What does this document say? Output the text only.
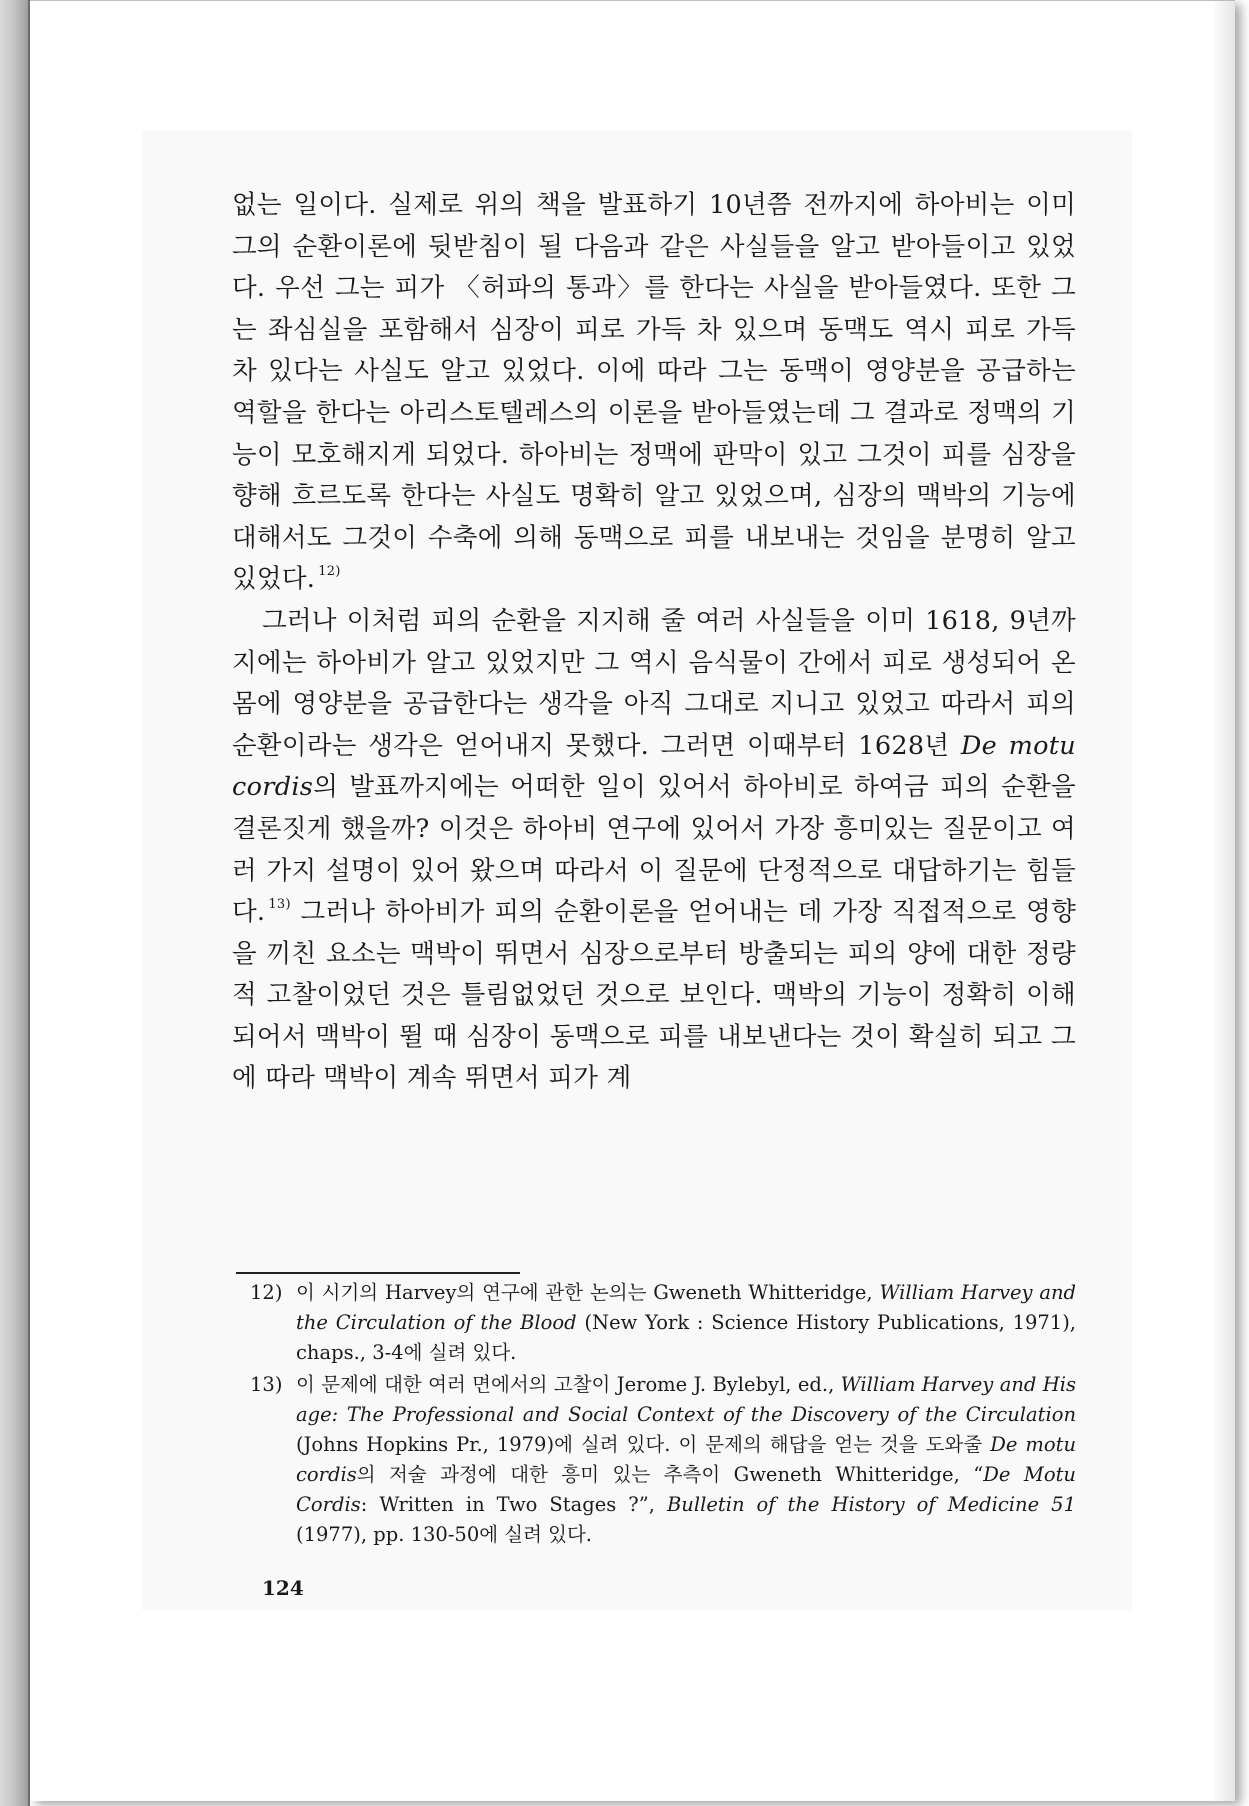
없는 일이다. 실제로 위의 책을 발표하기 10년쯤 전까지에 하아비는 이미 그의 순환이론에 뒷받침이 될 다음과 같은 사실들을 알고 받아들이고 있었다. 우선 그는 피가 〈허파의 통과〉를 한다는 사실을 받아들였다. 또한 그는 좌심실을 포함해서 심장이 피로 가득 차 있으며 동맥도 역시 피로 가득 차 있다는 사실도 알고 있었다. 이에 따라 그는 동맥이 영양분을 공급하는 역할을 한다는 아리스토텔레스의 이론을 받아들였는데 그 결과로 정맥의 기능이 모호해지게 되었다. 하아비는 정맥에 판막이 있고 그것이 피를 심장을 향해 흐르도록 한다는 사실도 명확히 알고 있었으며, 심장의 맥박의 기능에 대해서도 그것이 수축에 의해 동맥으로 피를 내보내는 것임을 분명히 알고 있었다. $^{12)}$

그러나 이처럼 피의 순환을 지지해 줄 여러 사실들을 이미 1618, 9년까지에는 하아비가 알고 있었지만 그 역시 음식물이 간에서 피로 생성되어 온몸에 영양분을 공급한다는 생각을 아직 그대로 지니고 있었고 따라서 피의 순환이라는 생각은 얻어내지 못했다. 그러면 이때부터 1628년 De motu cordis의 발표까지에는 어떠한 일이 있어서 하아비로 하여금 피의 순환을 결론짓게 했을까? 이것은 하아비 연구에 있어서 가장 흥미있는 질문이고 여러 가지 설명이 있어 왔으며 따라서 이 질문에 단정적으로 대답하기는 힘들다. $^{13)}$ 그러나 하아비가 피의 순환이론을 얻어내는 데 가장 직접적으로 영향을 끼친 요소는 맥박이 뛰면서 심장으로부터 방출되는 피의 양에 대한 정량적 고찰이었던 것은 틀림없었던 것으로 보인다. 맥박의 기능이 정확히 이해되어서 맥박이 뛸 때 심장이 동맥으로 피를 내보낸다는 것이 확실히 되고 그에 따라 맥박이 계속 뛰면서 피가 계

12) 이 시기의 Harvey의 연구에 관한 논의는 Gweneth Whitteridge, William Harvey and the Circulation of the Blood (New York : Science History Publications, 1971), chaps., 3-4에 실려 있다.

13) 이 문제에 대한 여러 면에서의 고찰이 Jerome J. Bylebyl, ed., William Harvey and His age: The Professional and Social Context of the Discovery of the Circulation (Johns Hopkins Pr., 1979)에 실려 있다. 이 문제의 해답을 얻는 것을 도와줄 De motu cordis의 저술 과정에 대한 흥미 있는 추측이 Gweneth Whitteridge, “De Motu Cordis: Written in Two Stages ?”, Bulletin of the History of Medicine 51 (1977), pp. 130-50에 실려 있다.

124
